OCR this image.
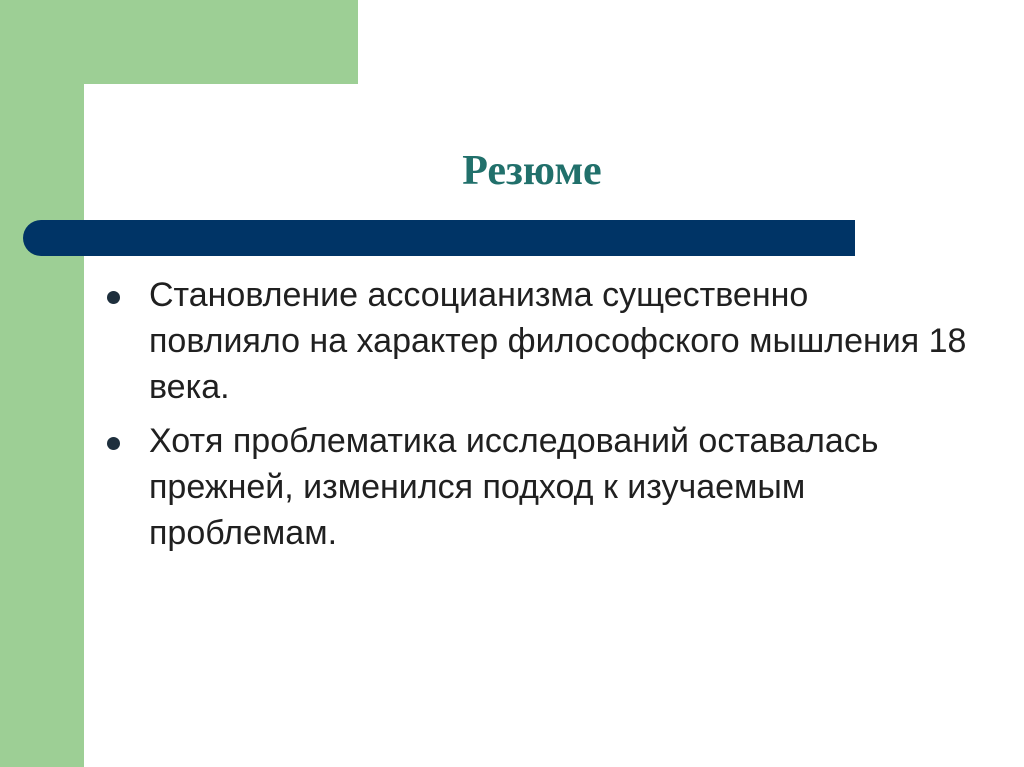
Резюме
Становление ассоцианизма существенно повлияло на характер философского мышления 18 века.
Хотя проблематика исследований оставалась прежней, изменился подход к изучаемым проблемам.
